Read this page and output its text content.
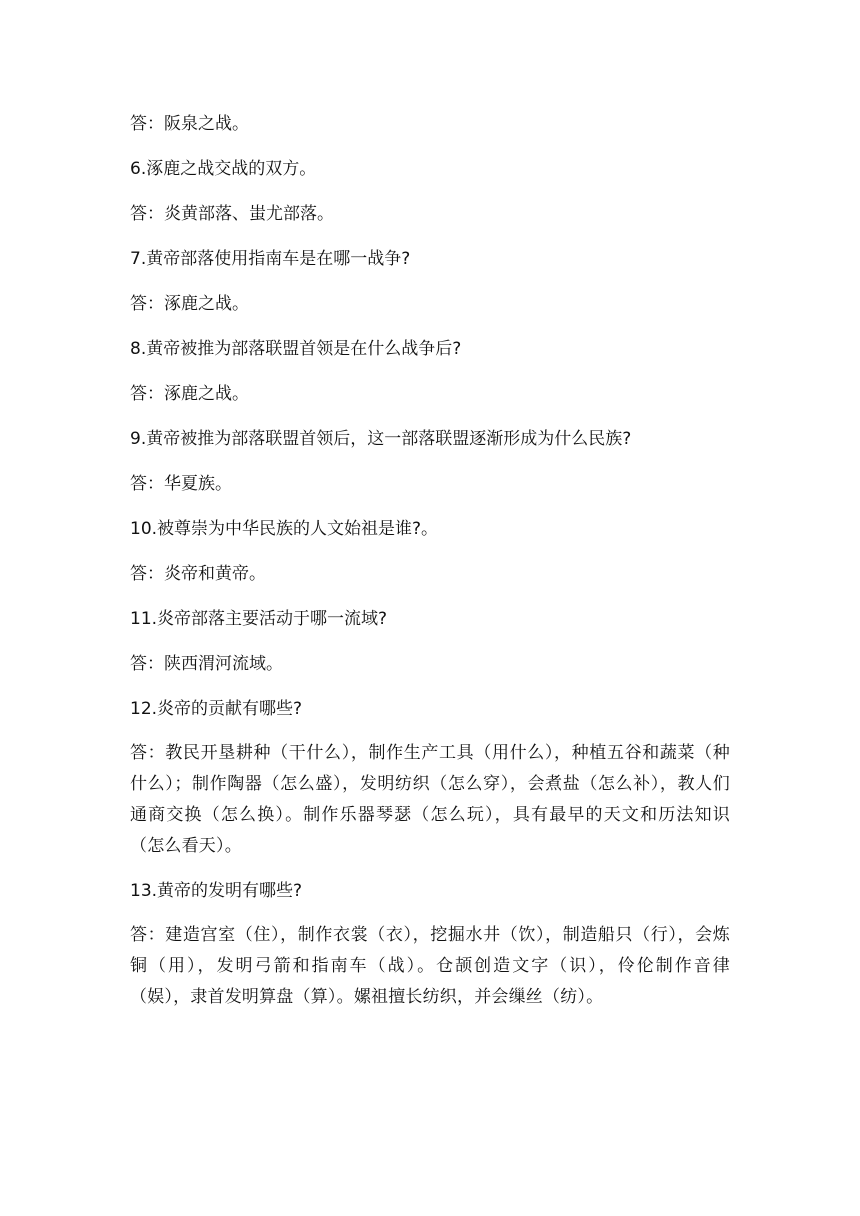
答：阪泉之战。
6.涿鹿之战交战的双方。
答：炎黄部落、蚩尤部落。
7.黄帝部落使用指南车是在哪一战争?
答：涿鹿之战。
8.黄帝被推为部落联盟首领是在什么战争后?
答：涿鹿之战。
9.黄帝被推为部落联盟首领后，这一部落联盟逐渐形成为什么民族?
答：华夏族。
10.被尊崇为中华民族的人文始祖是谁?。
答：炎帝和黄帝。
11.炎帝部落主要活动于哪一流域?
答：陕西渭河流域。
12.炎帝的贡献有哪些?
答：教民开垦耕种（干什么），制作生产工具（用什么），种植五谷和蔬菜（种什么）；制作陶器（怎么盛），发明纺织（怎么穿），会煮盐（怎么补），教人们通商交换（怎么换）。制作乐器琴瑟（怎么玩），具有最早的天文和历法知识（怎么看天）。
13.黄帝的发明有哪些?
答：建造宫室（住），制作衣裳（衣），挖掘水井（饮），制造船只（行），会炼铜（用），发明弓箭和指南车（战）。仓颉创造文字（识），伶伦制作音律（娱），隶首发明算盘（算）。嫘祖擅长纺织，并会缫丝（纺）。
